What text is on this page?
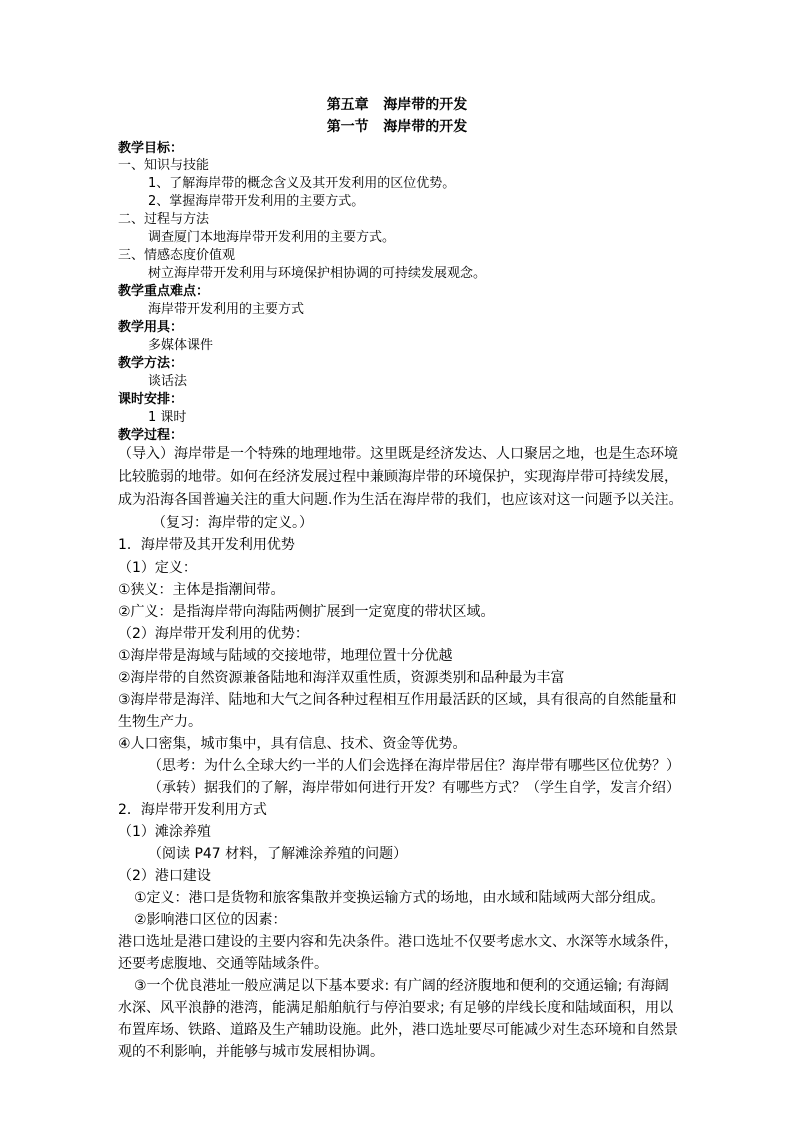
第五章   海岸带的开发
第一节   海岸带的开发
教学目标：
一、知识与技能
1、了解海岸带的概念含义及其开发利用的区位优势。
2、掌握海岸带开发利用的主要方式。
二、过程与方法
调查厦门本地海岸带开发利用的主要方式。
三、情感态度价值观
树立海岸带开发利用与环境保护相协调的可持续发展观念。
教学重点难点：
海岸带开发利用的主要方式
教学用具：
多媒体课件
教学方法：
谈话法
课时安排：
1 课时
教学过程：
（导入）海岸带是一个特殊的地理地带。这里既是经济发达、人口聚居之地，也是生态环境
比较脆弱的地带。如何在经济发展过程中兼顾海岸带的环境保护，实现海岸带可持续发展，
成为沿海各国普遍关注的重大问题.作为生活在海岸带的我们，也应该对这一问题予以关注。
（复习：海岸带的定义。）
1．海岸带及其开发利用优势
（1）定义：
①狭义：主体是指潮间带。
②广义：是指海岸带向海陆两侧扩展到一定宽度的带状区域。
（2）海岸带开发利用的优势：
①海岸带是海域与陆域的交接地带，地理位置十分优越
②海岸带的自然资源兼备陆地和海洋双重性质，资源类别和品种最为丰富
③海岸带是海洋、陆地和大气之间各种过程相互作用最活跃的区域，具有很高的自然能量和
生物生产力。
④人口密集，城市集中，具有信息、技术、资金等优势。
（思考：为什么全球大约一半的人们会选择在海岸带居住？海岸带有哪些区位优势？）
（承转）据我们的了解，海岸带如何进行开发？有哪些方式？（学生自学，发言介绍）
2．海岸带开发利用方式
（1）滩涂养殖
（阅读 P47 材料，了解滩涂养殖的问题）
（2）港口建设
①定义：港口是货物和旅客集散并变换运输方式的场地，由水域和陆域两大部分组成。
②影响港口区位的因素：
港口选址是港口建设的主要内容和先决条件。港口选址不仅要考虑水文、水深等水域条件，
还要考虑腹地、交通等陆域条件。
③一个优良港址一般应满足以下基本要求: 有广阔的经济腹地和便利的交通运输; 有海阔
水深、风平浪静的港湾，能满足船舶航行与停泊要求; 有足够的岸线长度和陆域面积，用以
布置库场、铁路、道路及生产辅助设施。此外，港口选址要尽可能减少对生态环境和自然景
观的不利影响，并能够与城市发展相协调。
